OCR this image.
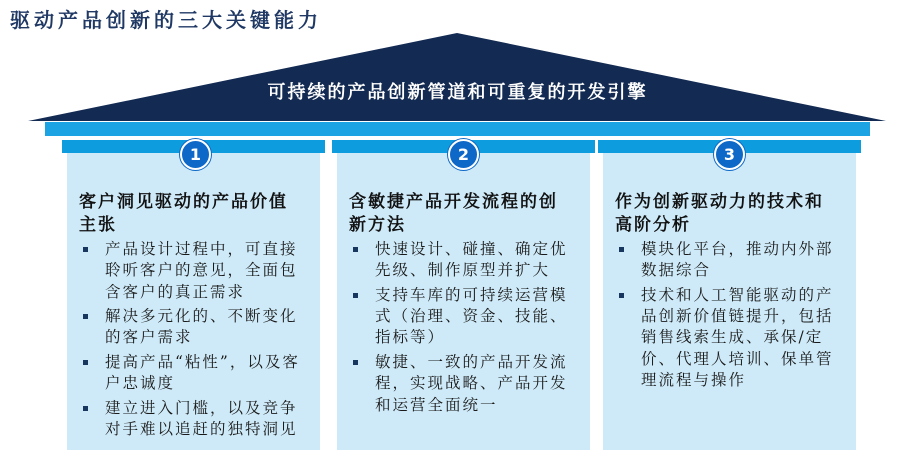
驱动产品创新的三大关键能力
可持续的产品创新管道和可重复的开发引擎
1
客户洞见驱动的产品价值主张
产品设计过程中，可直接聆听客户的意见，全面包含客户的真正需求
解决多元化的、不断变化的客户需求
提高产品“粘性”，以及客户忠诚度
建立进入门槛，以及竞争对手难以追赶的独特洞见
2
含敏捷产品开发流程的创新方法
快速设计、碰撞、确定优先级、制作原型并扩大
支持车库的可持续运营模式（治理、资金、技能、指标等）
敏捷、一致的产品开发流程，实现战略、产品开发和运营全面统一
3
作为创新驱动力的技术和高阶分析
模块化平台，推动内外部数据综合
技术和人工智能驱动的产品创新价值链提升，包括销售线索生成、承保/定价、代理人培训、保单管理流程与操作
